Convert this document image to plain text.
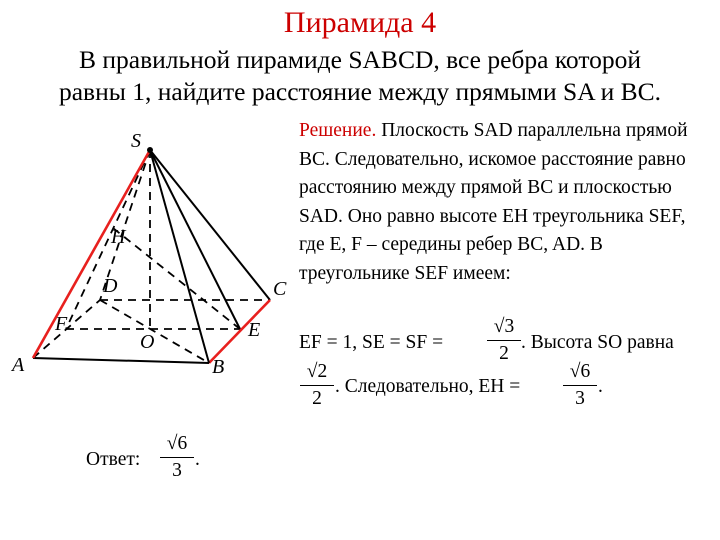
Пирамида 4
В правильной пирамиде SABCD, все ребра которой
равны 1, найдите расстояние между прямыми SA и BC.
S
H
D	C
F	E
O
A	B
Решение. Плоскость SAD параллельна прямой BC. Следовательно, искомое расстояние равно расстоянию между прямой BC и плоскостью SAD. Оно равно высоте EH треугольника SEF, где E, F – середины ребер BC, AD. В треугольнике SEF имеем:
EF = 1, SE = SF =
√3
2
. Высота SO равна
√2
2
. Следовательно, EH =
√6
3
.
Ответ:
√6
3
.
